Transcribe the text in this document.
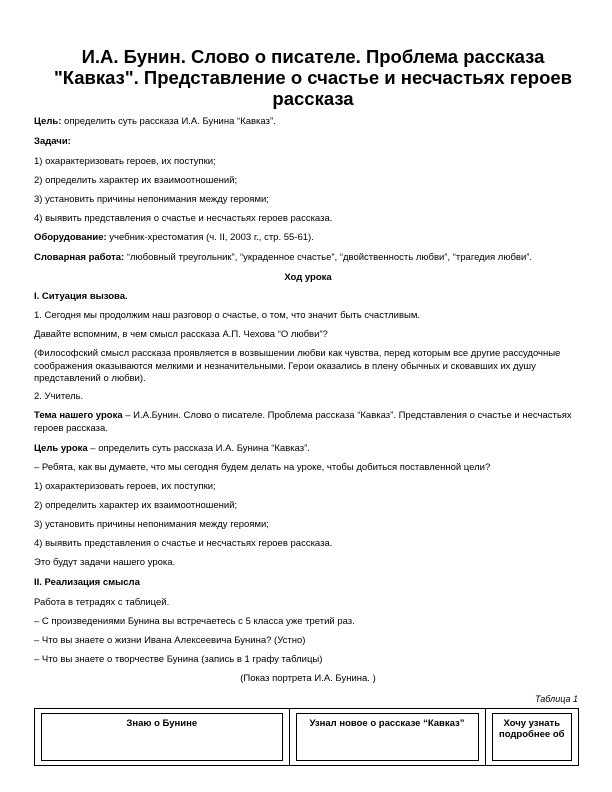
И.А. Бунин. Слово о писателе. Проблема рассказа "Кавказ". Представление о счастье и несчастьях героев рассказа

Цель: определить суть рассказа И.А. Бунина “Кавказ”.

Задачи:

1) охарактеризовать героев, их поступки;

2) определить характер их взаимоотношений;

3) установить причины непонимания между героями;

4) выявить представления о счастье и несчастьях героев рассказа.

Оборудование: учебник-хрестоматия (ч. II, 2003 г., стр. 55-61).

Словарная работа: “любовный треугольник”, “украденное счастье”, “двойственность любви”, “трагедия любви”.

Ход урока

I. Ситуация вызова.

1. Сегодня мы продолжим наш разговор о счастье, о том, что значит быть счастливым.

Давайте вспомним, в чем смысл рассказа А.П. Чехова “О любви”?

(Философский смысл рассказа проявляется в возвышении любви как чувства, перед которым все другие рассудочные соображения оказываются мелкими и незначительными. Герои оказались в плену обычных и сковавших их душу представлений о любви).

2. Учитель.

Тема нашего урока – И.А.Бунин. Слово о писателе. Проблема рассказа “Кавказ”. Представления о счастье и несчастьях героев рассказа.

Цель урока – определить суть рассказа И.А. Бунина “Кавказ”.

– Ребята, как вы думаете, что мы сегодня будем делать на уроке, чтобы добиться поставленной цели?

1) охарактеризовать героев, их поступки;

2) определить характер их взаимоотношений;

3) установить причины непонимания между героями;

4) выявить представления о счастье и несчастьях героев рассказа.

Это будут задачи нашего урока.

II. Реализация смысла

Работа в тетрадях с таблицей.

– С произведениями Бунина вы встречаетесь с 5 класса уже третий раз.

– Что вы знаете о жизни Ивана Алексеевича Бунина? (Устно)

– Что вы знаете о творчестве Бунина (запись в 1 графу таблицы)

(Показ портрета И.А. Бунина. )

Таблица 1
Знаю о Бунине	Узнал новое о рассказе “Кавказ”	Хочу узнать подробнее об
